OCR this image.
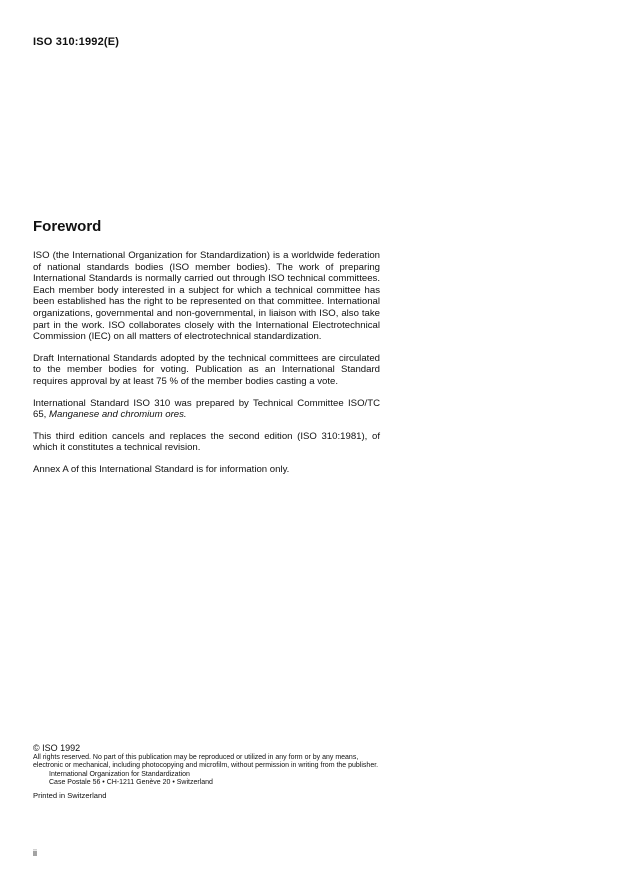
ISO 310:1992(E)
Foreword

ISO (the International Organization for Standardization) is a worldwide federation of national standards bodies (ISO member bodies). The work of preparing International Standards is normally carried out through ISO technical committees. Each member body interested in a subject for which a technical committee has been established has the right to be represented on that committee. International organizations, governmental and non-governmental, in liaison with ISO, also take part in the work. ISO collaborates closely with the International Electrotechnical Commission (IEC) on all matters of electrotechnical standardization.

Draft International Standards adopted by the technical committees are circulated to the member bodies for voting. Publication as an International Standard requires approval by at least 75 % of the member bodies casting a vote.

International Standard ISO 310 was prepared by Technical Committee ISO/TC 65, Manganese and chromium ores.

This third edition cancels and replaces the second edition (ISO 310:1981), of which it constitutes a technical revision.

Annex A of this International Standard is for information only.

© ISO 1992
All rights reserved. No part of this publication may be reproduced or utilized in any form or by any means, electronic or mechanical, including photocopying and microfilm, without permission in writing from the publisher.
International Organization for Standardization
Case Postale 56 • CH-1211 Genève 20 • Switzerland
Printed in Switzerland
ii
